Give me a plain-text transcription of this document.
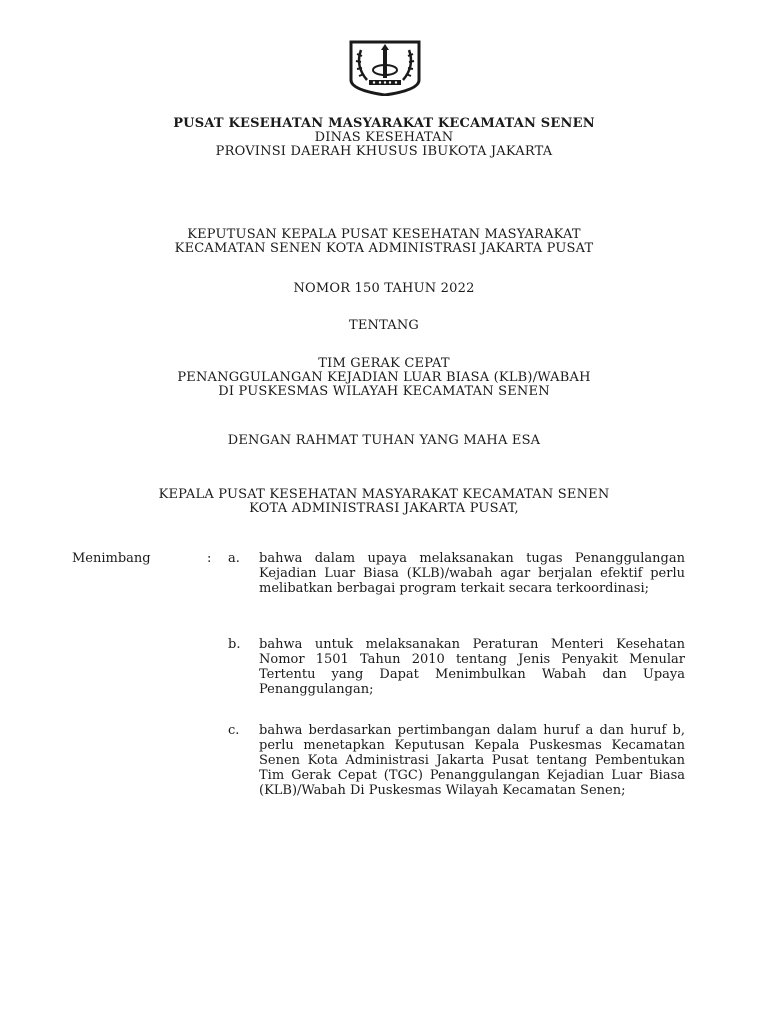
PUSAT KESEHATAN MASYARAKAT KECAMATAN SENEN
DINAS KESEHATAN
PROVINSI DAERAH KHUSUS IBUKOTA JAKARTA
KEPUTUSAN KEPALA PUSAT KESEHATAN MASYARAKAT
KECAMATAN SENEN KOTA ADMINISTRASI JAKARTA PUSAT
NOMOR 150 TAHUN 2022
TENTANG
TIM GERAK CEPAT
PENANGGULANGAN KEJADIAN LUAR BIASA (KLB)/WABAH
DI PUSKESMAS WILAYAH KECAMATAN SENEN
DENGAN RAHMAT TUHAN YANG MAHA ESA
KEPALA PUSAT KESEHATAN MASYARAKAT KECAMATAN SENEN
KOTA ADMINISTRASI JAKARTA PUSAT,
Menimbang	: a. bahwa dalam upaya melaksanakan tugas Penanggulangan Kejadian Luar Biasa (KLB)/wabah agar berjalan efektif perlu melibatkan berbagai program terkait secara terkoordinasi;
b. bahwa untuk melaksanakan Peraturan Menteri Kesehatan Nomor 1501 Tahun 2010 tentang Jenis Penyakit Menular Tertentu yang Dapat Menimbulkan Wabah dan Upaya Penanggulangan;
c. bahwa berdasarkan pertimbangan dalam huruf a dan huruf b, perlu menetapkan Keputusan Kepala Puskesmas Kecamatan Senen Kota Administrasi Jakarta Pusat tentang Pembentukan Tim Gerak Cepat (TGC) Penanggulangan Kejadian Luar Biasa (KLB)/Wabah Di Puskesmas Wilayah Kecamatan Senen;
